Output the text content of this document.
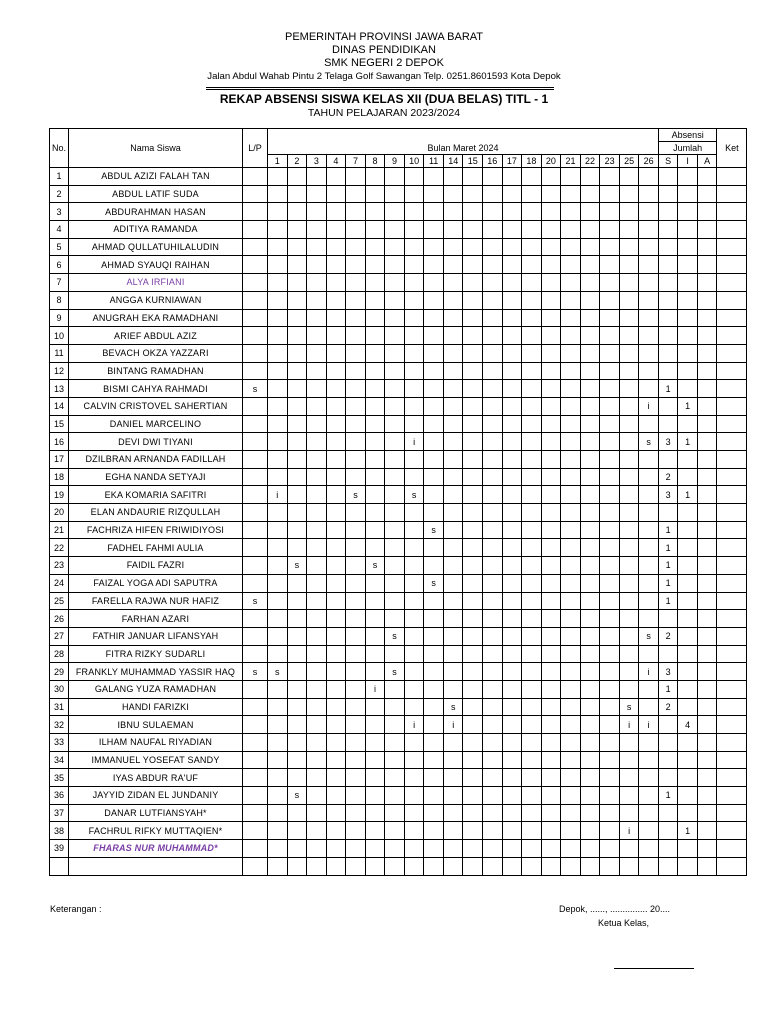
PEMERINTAH PROVINSI JAWA BARAT
DINAS PENDIDIKAN
SMK NEGERI 2 DEPOK
Jalan Abdul Wahab Pintu 2 Telaga Golf Sawangan Telp. 0251.8601593 Kota Depok
REKAP ABSENSI SISWA KELAS XII (DUA BELAS) TITL - 1
TAHUN PELAJARAN 2023/2024
No.	Nama Siswa	L/P																					Absensi			Ket
			Bulan Maret 2024																				Jumlah			
			1	2	3	4	7	8	9	10	11	14	15	16	17	18	20	21	22	23	25	26	S	I	A	
1	ABDUL AZIZI FALAH TAN																									
2	ABDUL LATIF SUDA																									
3	ABDURAHMAN HASAN																									
4	ADITIYA RAMANDA																									
5	AHMAD QULLATUHILALUDIN																									
6	AHMAD SYAUQI RAIHAN																									
7	ALYA IRFIANI																									
8	ANGGA KURNIAWAN																									
9	ANUGRAH EKA RAMADHANI																									
10	ARIEF ABDUL AZIZ																									
11	BEVACH OKZA YAZZARI																									
12	BINTANG RAMADHAN																									
13	BISMI CAHYA RAHMADI	s																					1			
14	CALVIN CRISTOVEL SAHERTIAN																					i		1		
15	DANIEL MARCELINO																									
16	DEVI DWI TIYANI									i												s	3	1		
17	DZILBRAN ARNANDA FADILLAH																									
18	EGHA NANDA SETYAJI																						2			
19	EKA KOMARIA SAFITRI		i				s			s													3	1		
20	ELAN ANDAURIE RIZQULLAH																									
21	FACHRIZA HIFEN FRIWIDIYOSI										s												1			
22	FADHEL FAHMI AULIA																						1			
23	FAIDIL FAZRI			s				s															1			
24	FAIZAL YOGA ADI SAPUTRA										s												1			
25	FARELLA RAJWA NUR HAFIZ	s																					1			
26	FARHAN AZARI																									
27	FATHIR JANUAR LIFANSYAH								s													s	2			
28	FITRA RIZKY SUDARLI																									
29	FRANKLY MUHAMMAD YASSIR HAQ	s	s						s													i	3			
30	GALANG YUZA RAMADHAN							i															1			
31	HANDI FARIZKI											s									s		2			
32	IBNU SULAEMAN									i		i									i	i		4		
33	ILHAM NAUFAL RIYADIAN																									
34	IMMANUEL YOSEFAT SANDY																									
35	IYAS ABDUR RA'UF																									
36	JAYYID ZIDAN EL JUNDANIY			s																			1			
37	DANAR LUTFIANSYAH*																									
38	FACHRUL RIFKY MUTTAQIEN*																				i			1		
39	FHARAS NUR MUHAMMAD*																									

Keterangan :	Depok, ......, ............... 20....
Ketua Kelas,
